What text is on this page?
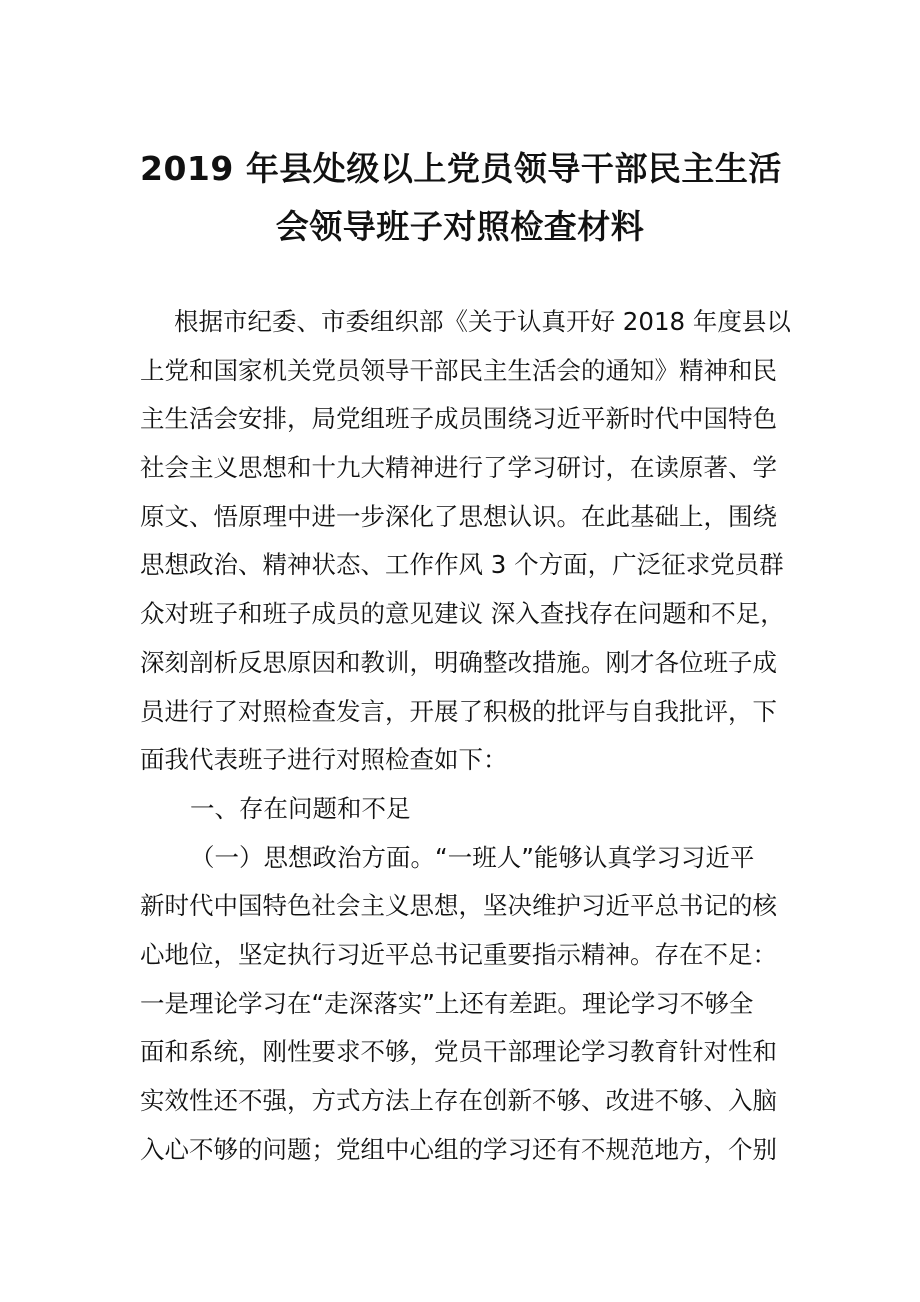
2019 年县处级以上党员领导干部民主生活
会领导班子对照检查材料
根据市纪委、市委组织部《关于认真开好 2018 年度县以
上党和国家机关党员领导干部民主生活会的通知》精神和民
主生活会安排，局党组班子成员围绕习近平新时代中国特色
社会主义思想和十九大精神进行了学习研讨，在读原著、学
原文、悟原理中进一步深化了思想认识。在此基础上，围绕
思想政治、精神状态、工作作风 3 个方面，广泛征求党员群
众对班子和班子成员的意见建议 深入查找存在问题和不足，
深刻剖析反思原因和教训，明确整改措施。刚才各位班子成
员进行了对照检查发言，开展了积极的批评与自我批评，下
面我代表班子进行对照检查如下：
一、存在问题和不足
（一）思想政治方面。“一班人”能够认真学习习近平
新时代中国特色社会主义思想，坚决维护习近平总书记的核
心地位，坚定执行习近平总书记重要指示精神。存在不足：
一是理论学习在“走深落实”上还有差距。理论学习不够全
面和系统，刚性要求不够，党员干部理论学习教育针对性和
实效性还不强，方式方法上存在创新不够、改进不够、入脑
入心不够的问题；党组中心组的学习还有不规范地方，个别
